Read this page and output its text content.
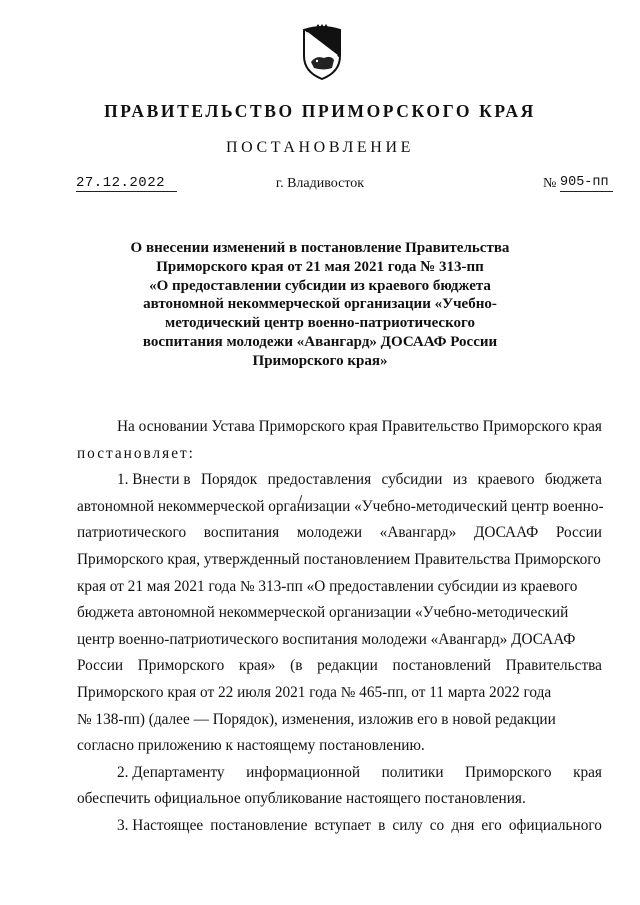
ПРАВИТЕЛЬСТВО ПРИМОРСКОГО КРАЯ
ПОСТАНОВЛЕНИЕ
27.12.2022	г. Владивосток	№ 905-пп
О внесении изменений в постановление Правительства
Приморского края от 21 мая 2021 года № 313-пп
«О предоставлении субсидии из краевого бюджета
автономной некоммерческой организации «Учебно-
методический центр военно-патриотического
воспитания молодежи «Авангард» ДОСААФ России
Приморского края»
На основании Устава Приморского края Правительство Приморского края
постановляет:
1. Внести в Порядок предоставления субсидии из краевого бюджета
автономной некоммерческой организации «Учебно-методический центр военно-
патриотического воспитания молодежи «Авангард» ДОСААФ России
Приморского края, утвержденный постановлением Правительства Приморского
края от 21 мая 2021 года № 313-пп «О предоставлении субсидии из краевого
бюджета автономной некоммерческой организации «Учебно-методический
центр военно-патриотического воспитания молодежи «Авангард» ДОСААФ
России Приморского края» (в редакции постановлений Правительства
Приморского края от 22 июля 2021 года № 465-пп, от 11 марта 2022 года
№ 138-пп) (далее — Порядок), изменения, изложив его в новой редакции
согласно приложению к настоящему постановлению.
2. Департаменту информационной политики Приморского края
обеспечить официальное опубликование настоящего постановления.
3. Настоящее постановление вступает в силу со дня его официального
